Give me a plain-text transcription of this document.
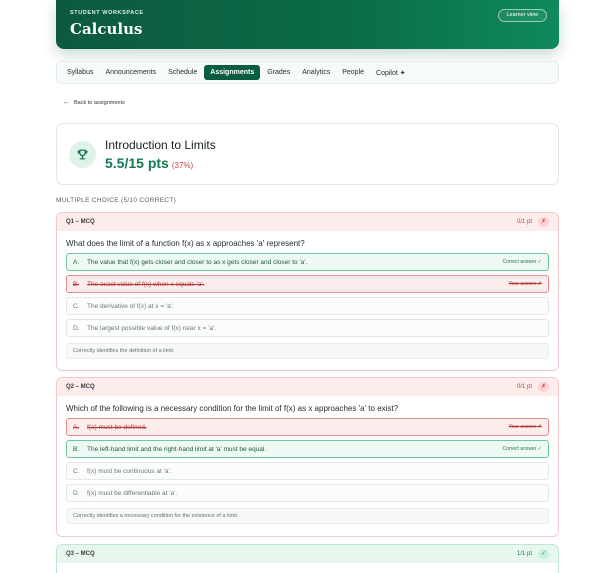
STUDENT WORKSPACE
Calculus
Learner view
Syllabus	Announcements	Schedule	Assignments	Grades	Analytics	People	Copilot ✦
← Back to assignments
Introduction to Limits
5.5/15 pts (37%)
MULTIPLE CHOICE (5/10 CORRECT)
Q1 – MCQ	0/1 pt	✗
What does the limit of a function f(x) as x approaches 'a' represent?
A. The value that f(x) gets closer and closer to as x gets closer and closer to 'a'.	Correct answer ✓
B. The exact value of f(x) when x equals 'a'.	Your answer ✗
C. The derivative of f(x) at x = 'a'.
D. The largest possible value of f(x) near x = 'a'.
Correctly identifies the definition of a limit.
Q2 – MCQ	0/1 pt	✗
Which of the following is a necessary condition for the limit of f(x) as x approaches 'a' to exist?
A. f(a) must be defined.	Your answer ✗
B. The left-hand limit and the right-hand limit at 'a' must be equal.	Correct answer ✓
C. f(x) must be continuous at 'a'.
D. f(x) must be differentiable at 'a'.
Correctly identifies a necessary condition for the existence of a limit.
Q3 – MCQ	1/1 pt	✓
